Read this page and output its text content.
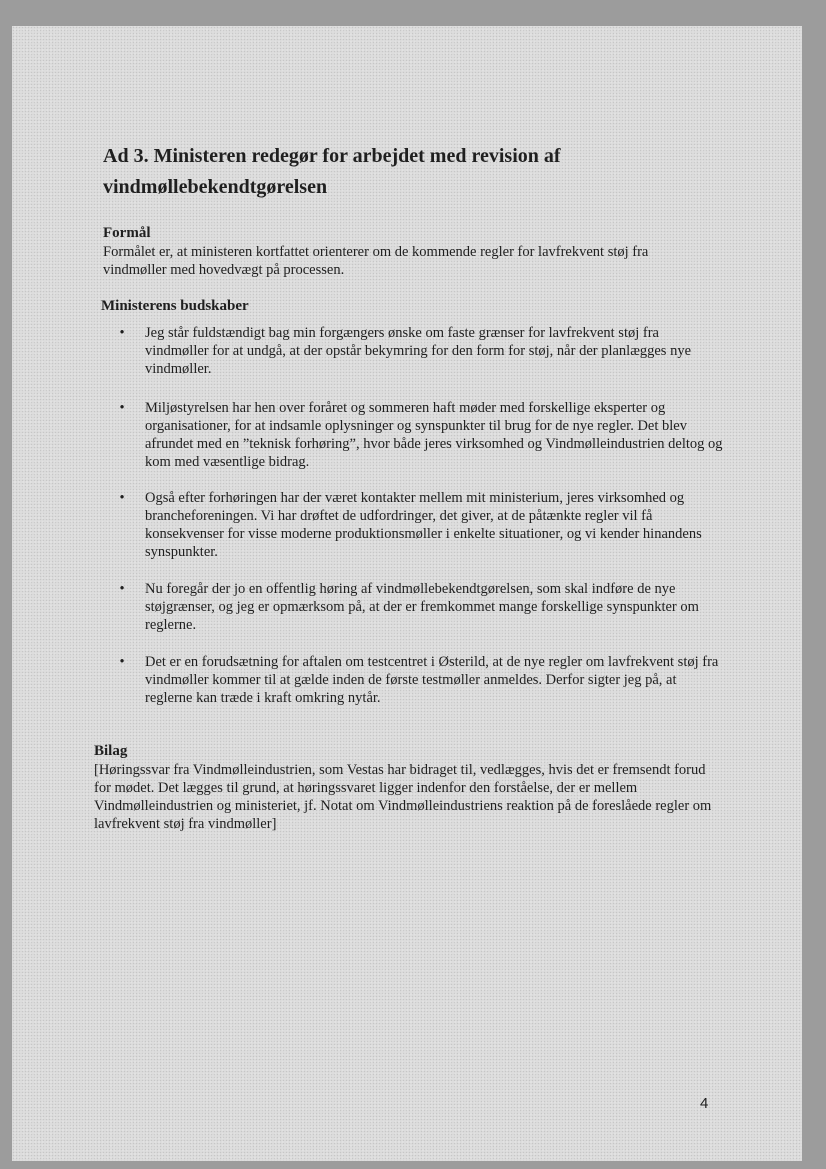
Ad 3. Ministeren redegør for arbejdet med revision af vindmøllebekendtgørelsen
Formål

Formålet er, at ministeren kortfattet orienterer om de kommende regler for lavfrekvent støj fra vindmøller med hovedvægt på processen.

Ministerens budskaber
• Jeg står fuldstændigt bag min forgængers ønske om faste grænser for lavfrekvent støj fra vindmøller for at undgå, at der opstår bekymring for den form for støj, når der planlægges nye vindmøller.
• Miljøstyrelsen har hen over foråret og sommeren haft møder med forskellige eksperter og organisationer, for at indsamle oplysninger og synspunkter til brug for de nye regler. Det blev afrundet med en ”teknisk forhøring”, hvor både jeres virksomhed og Vindmølleindustrien deltog og kom med væsentlige bidrag.
• Også efter forhøringen har der været kontakter mellem mit ministerium, jeres virksomhed og brancheforeningen. Vi har drøftet de udfordringer, det giver, at de påtænkte regler vil få konsekvenser for visse moderne produktionsmøller i enkelte situationer, og vi kender hinandens synspunkter.
• Nu foregår der jo en offentlig høring af vindmøllebekendtgørelsen, som skal indføre de nye støjgrænser, og jeg er opmærksom på, at der er fremkommet mange forskellige synspunkter om reglerne.
• Det er en forudsætning for aftalen om testcentret i Østerild, at de nye regler om lavfrekvent støj fra vindmøller kommer til at gælde inden de første testmøller anmeldes. Derfor sigter jeg på, at reglerne kan træde i kraft omkring nytår.
Bilag

[Høringssvar fra Vindmølleindustrien, som Vestas har bidraget til, vedlægges, hvis det er fremsendt forud for mødet. Det lægges til grund, at høringssvaret ligger indenfor den forståelse, der er mellem Vindmølleindustrien og ministeriet, jf. Notat om Vindmølleindustriens reaktion på de foreslåede regler om lavfrekvent støj fra vindmøller]

4
